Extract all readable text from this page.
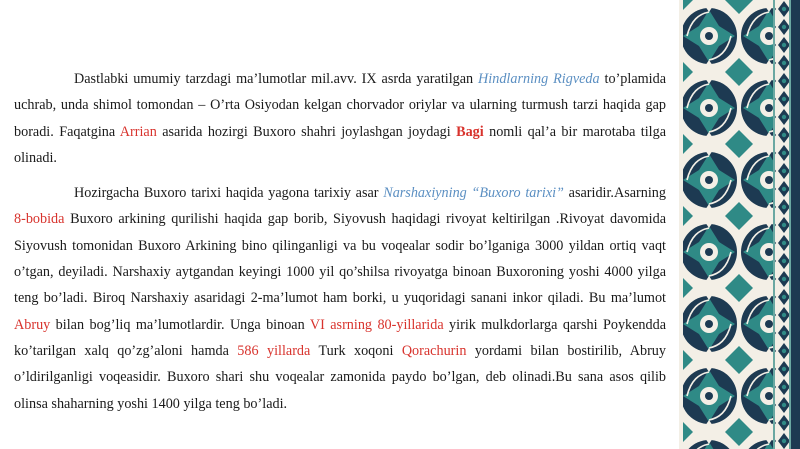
Dastlabki umumiy tarzdagi ma’lumotlar mil.avv. IX asrda yaratilgan Hindlarning Rigveda to’plamida uchrab, unda shimol tomondan – O’rta Osiyodan kelgan chorvador oriylar va ularning turmush tarzi haqida gap boradi. Faqatgina Arrian asarida hozirgi Buxoro shahri joylashgan joydagi Bagi nomli qal’a bir marotaba tilga olinadi.

Hozirgacha Buxoro tarixi haqida yagona tarixiy asar Narshaxiyning “Buxoro tarixi” asaridir.Asarning 8-bobida Buxoro arkining qurilishi haqida gap borib, Siyovush haqidagi rivoyat keltirilgan .Rivoyat davomida Siyovush tomonidan Buxoro Arkining bino qilinganligi va bu voqealar sodir bo’lganiga 3000 yildan ortiq vaqt o’tgan, deyiladi. Narshaxiy aytgandan keyingi 1000 yil qo’shilsa rivoyatga binoan Buxoroning yoshi 4000 yilga teng bo’ladi. Biroq Narshaxiy asaridagi 2-ma’lumot ham borki, u yuqoridagi sanani inkor qiladi. Bu ma’lumot Abruy bilan bog’liq ma’lumotlardir. Unga binoan VI asrning 80-yillarida yirik mulkdorlarga qarshi Poykendda ko’tarilgan xalq qo’zg’aloni hamda 586 yillarda Turk xoqoni Qorachurin yordami bilan bostirilib, Abruy o’ldirilganligi voqeasidir. Buxoro shari shu voqealar zamonida paydo bo’lgan, deb olinadi.Bu sana asos qilib olinsa shaharning yoshi 1400 yilga teng bo’ladi.
